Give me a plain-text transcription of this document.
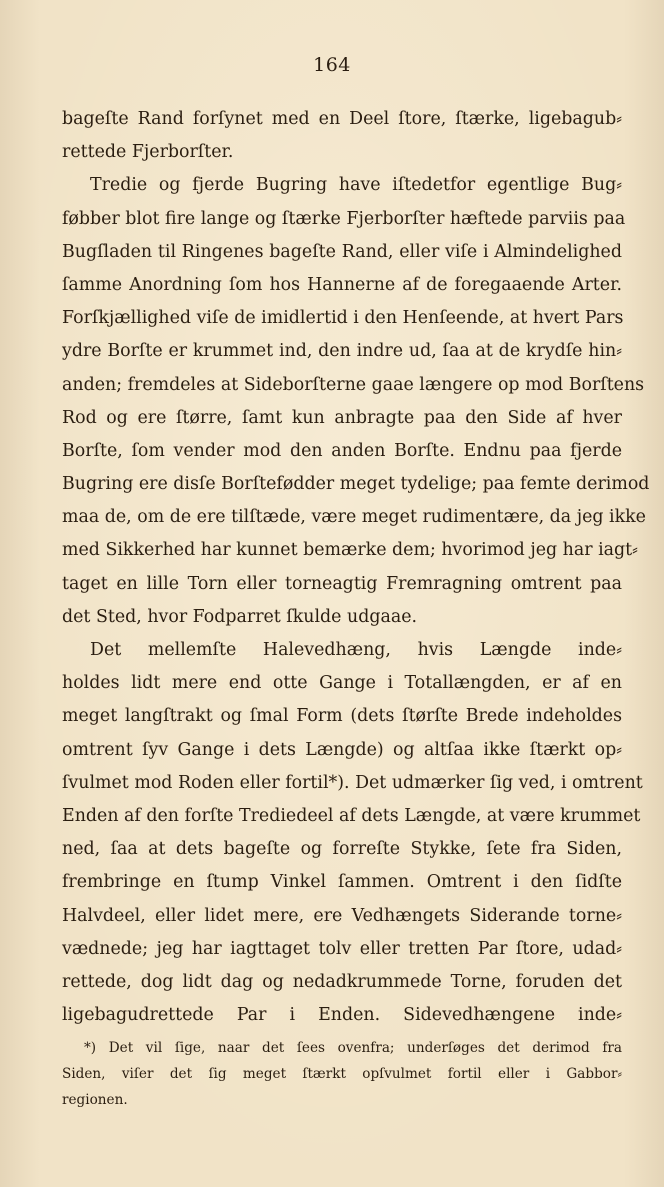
164
bageſte Rand forſynet med en Deel ſtore, ſtærke, ligebagub⸗
rettede Fjerborſter.
Tredie og fjerde Bugring have iſtedetfor egentlige Bug⸗
føbber blot fire lange og ſtærke Fjerborſter hæftede parviis paa
Bugſladen til Ringenes bageſte Rand, eller viſe i Almindelighed
ſamme Anordning ſom hos Hannerne af de foregaaende Arter.
Forſkjællighed viſe de imidlertid i den Henſeende, at hvert Pars
ydre Borſte er krummet ind, den indre ud, ſaa at de krydſe hin⸗
anden; fremdeles at Sideborſterne gaae længere op mod Borſtens
Rod og ere ſtørre, ſamt kun anbragte paa den Side af hver
Borſte, ſom vender mod den anden Borſte. Endnu paa fjerde
Bugring ere disſe Borſtefødder meget tydelige; paa femte derimod
maa de, om de ere tilſtæde, være meget rudimentære, da jeg ikke
med Sikkerhed har kunnet bemærke dem; hvorimod jeg har iagt⸗
taget en lille Torn eller torneagtig Fremragning omtrent paa
det Sted, hvor Fodparret ſkulde udgaae.
Det mellemſte Halevedhæng, hvis Længde inde⸗
holdes lidt mere end otte Gange i Totallængden, er af en
meget langſtrakt og ſmal Form (dets ſtørſte Brede indeholdes
omtrent ſyv Gange i dets Længde) og altſaa ikke ſtærkt op⸗
ſvulmet mod Roden eller fortil*). Det udmærker ſig ved, i omtrent
Enden af den forſte Trediedeel af dets Længde, at være krummet
ned, ſaa at dets bageſte og forreſte Stykke, ſete fra Siden,
frembringe en ſtump Vinkel ſammen. Omtrent i den ſidſte
Halvdeel, eller lidet mere, ere Vedhængets Siderande torne⸗
vædnede; jeg har iagttaget tolv eller tretten Par ſtore, udad⸗
rettede, dog lidt dag og nedadkrummede Torne, foruden det
ligebagudrettede Par i Enden. Sidevedhængene inde⸗
*) Det vil ſige, naar det ſees ovenfra; underſøges det derimod fra
Siden, viſer det ſig meget ſtærkt opſvulmet fortil eller i Gabbor⸗
regionen.
